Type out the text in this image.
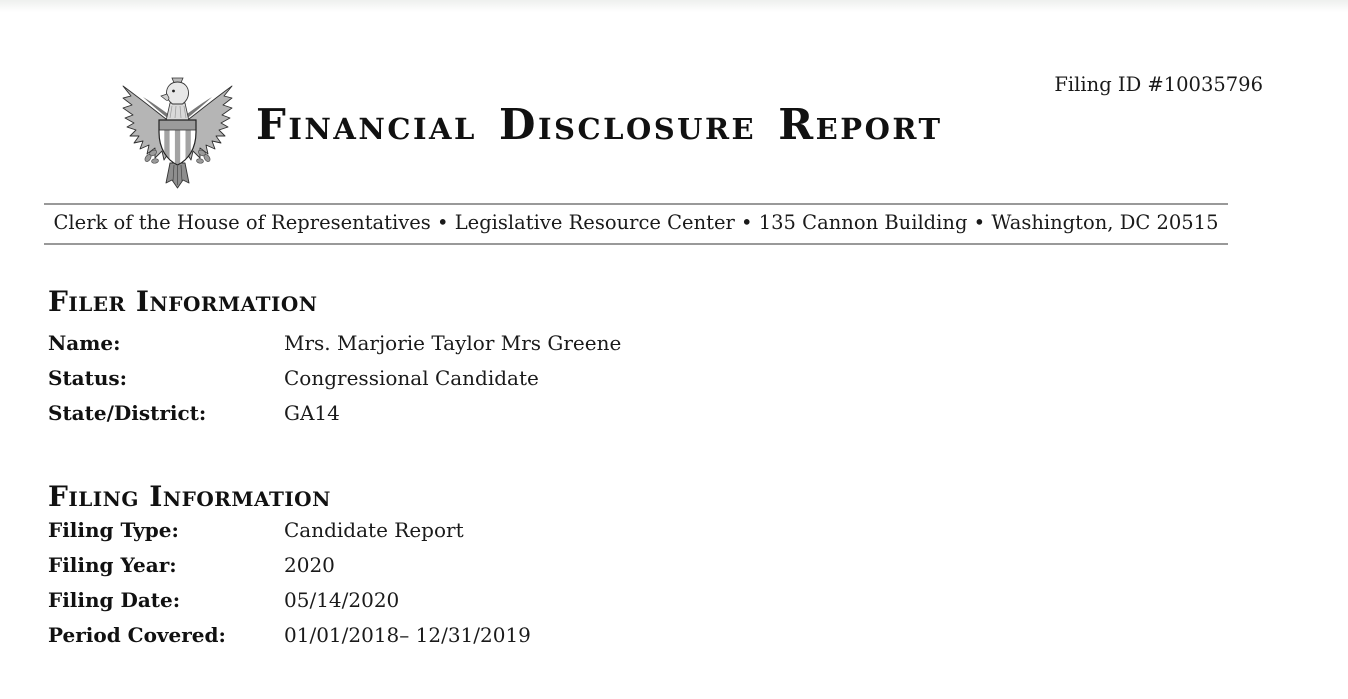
Filing ID #10035796
Financial Disclosure Report
Clerk of the House of Representatives • Legislative Resource Center • 135 Cannon Building • Washington, DC 20515
Filer Information
Name:	Mrs. Marjorie Taylor Mrs Greene
Status:	Congressional Candidate
State/District:	GA14
Filing Information
Filing Type:	Candidate Report
Filing Year:	2020
Filing Date:	05/14/2020
Period Covered:	01/01/2018– 12/31/2019
